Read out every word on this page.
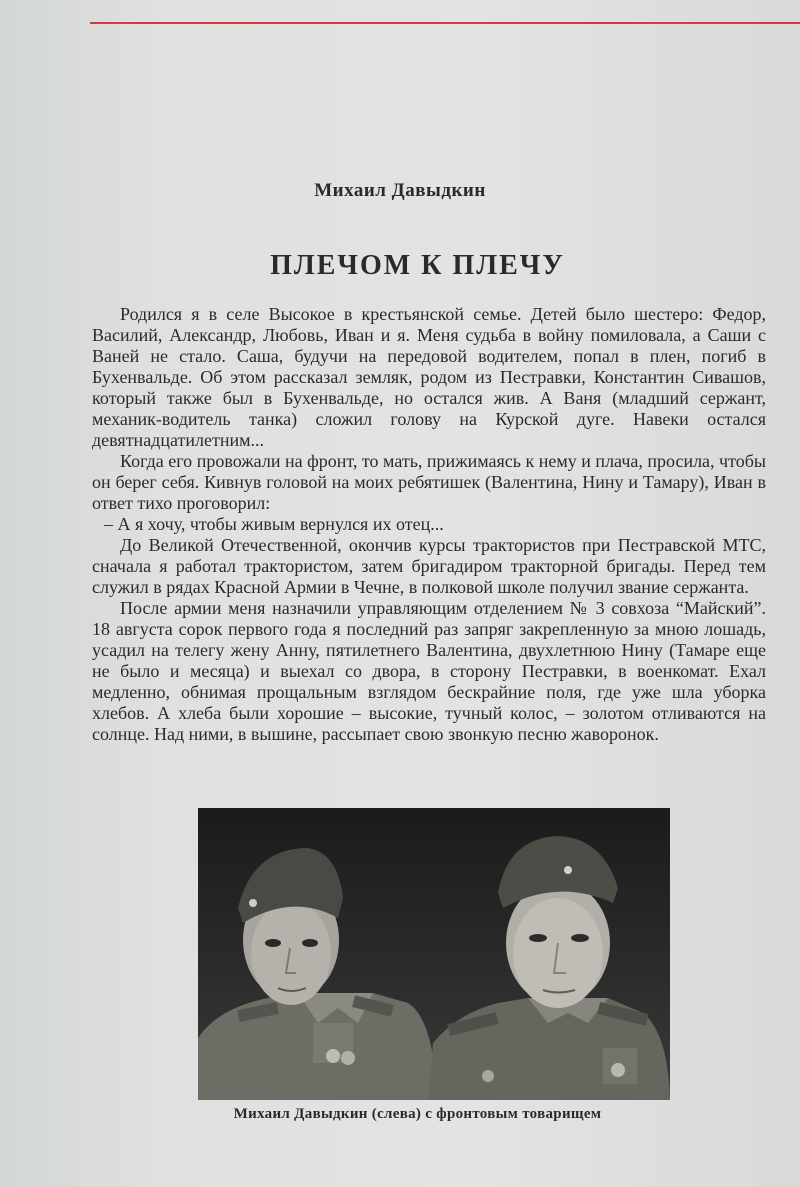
Михаил Давыдкин
ПЛЕЧОМ К ПЛЕЧУ

Родился я в селе Высокое в крестьянской семье. Детей было шестеро: Федор, Василий, Александр, Любовь, Иван и я. Меня судьба в войну помиловала, а Саши с Ваней не стало. Саша, будучи на передовой водителем, попал в плен, погиб в Бухенвальде. Об этом рассказал земляк, родом из Пестравки, Константин Сивашов, который также был в Бухенвальде, но остался жив. А Ваня (младший сержант, механик-водитель танка) сложил голову на Курской дуге. Навеки остался девятнадцатилетним...

Когда его провожали на фронт, то мать, прижимаясь к нему и плача, просила, чтобы он берег себя. Кивнув головой на моих ребятишек (Валентина, Нину и Тамару), Иван в ответ тихо проговорил:

– А я хочу, чтобы живым вернулся их отец...

До Великой Отечественной, окончив курсы трактористов при Пестравской МТС, сначала я работал трактористом, затем бригадиром тракторной бригады. Перед тем служил в рядах Красной Армии в Чечне, в полковой школе получил звание сержанта.

После армии меня назначили управляющим отделением № 3 совхоза “Майский”. 18 августа сорок первого года я последний раз запряг закрепленную за мною лошадь, усадил на телегу жену Анну, пятилетнего Валентина, двухлетнюю Нину (Тамаре еще не было и месяца) и выехал со двора, в сторону Пестравки, в военкомат. Ехал медленно, обнимая прощальным взглядом бескрайние поля, где уже шла уборка хлебов. А хлеба были хорошие – высокие, тучный колос, – золотом отливаются на солнце. Над ними, в вышине, рассыпает свою звонкую песню жаворонок.

Михаил Давыдкин (слева) с фронтовым товарищем
